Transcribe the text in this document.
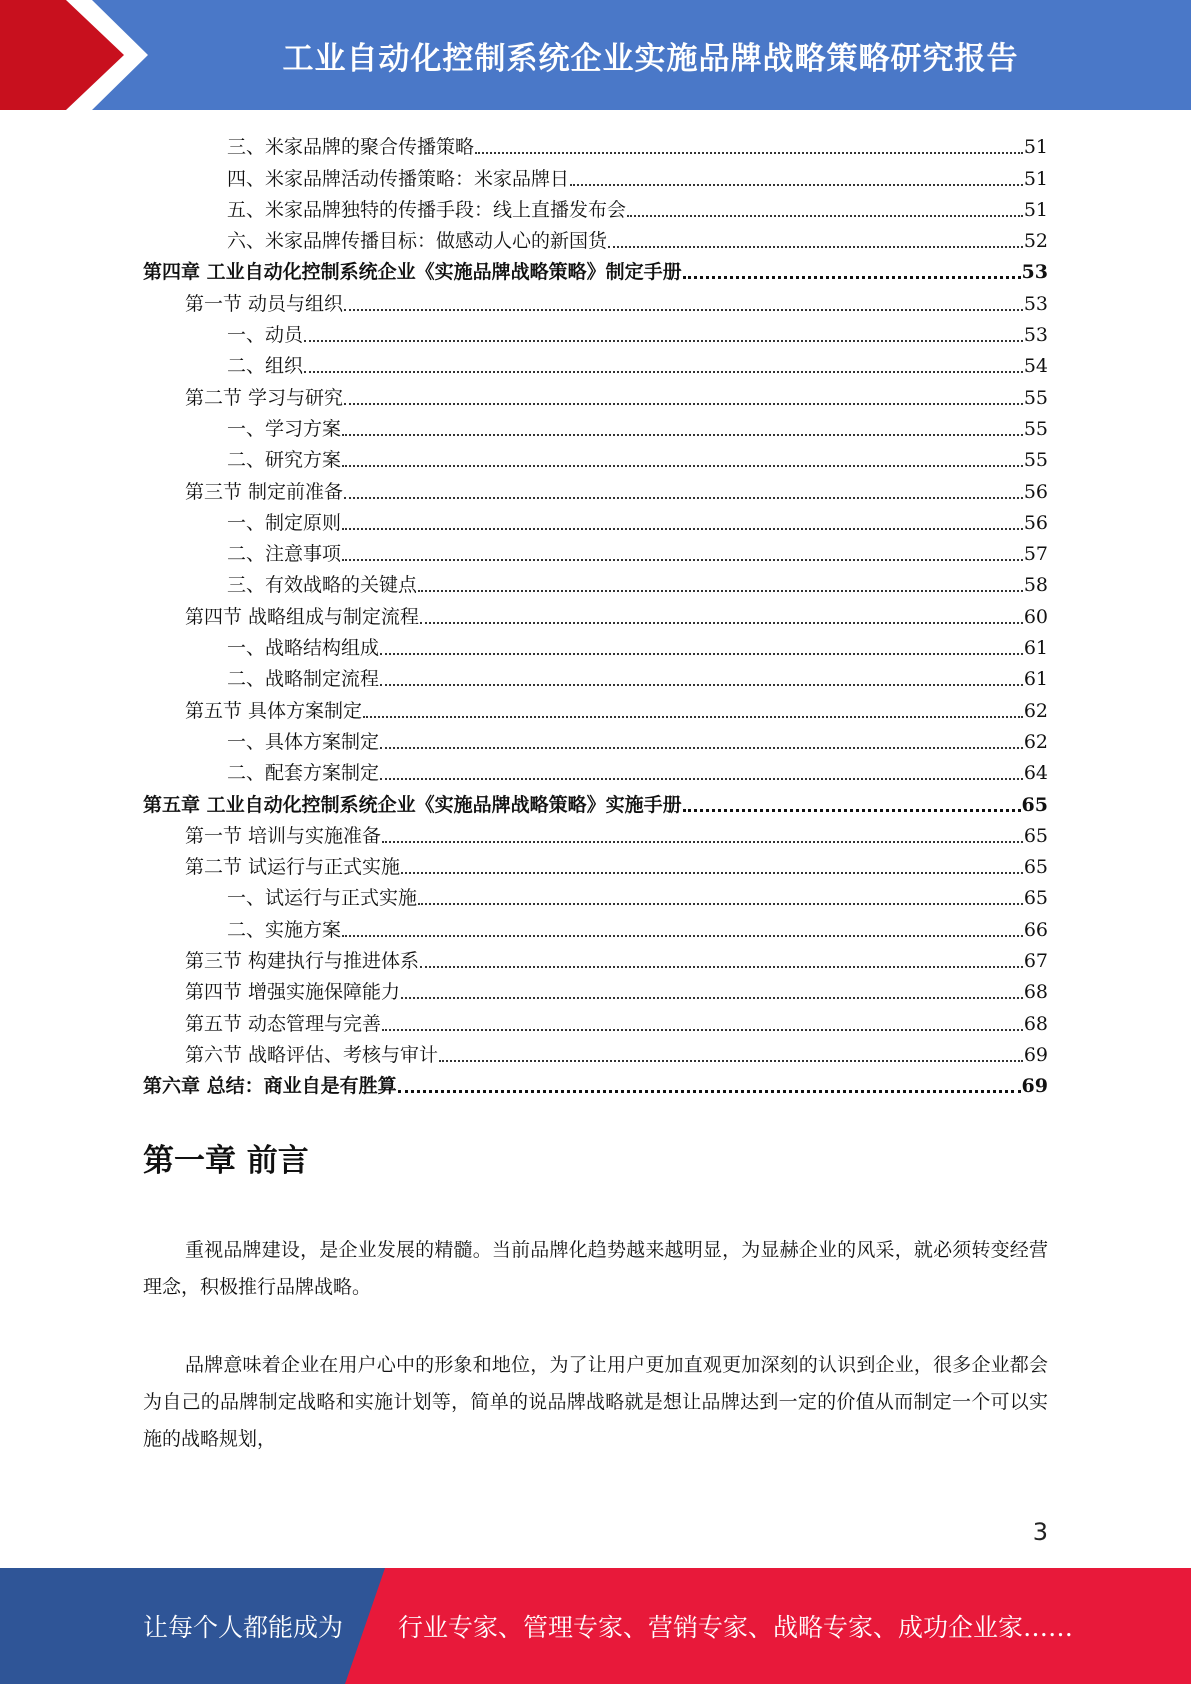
工业自动化控制系统企业实施品牌战略策略研究报告
三、米家品牌的聚合传播策略	51
四、米家品牌活动传播策略：米家品牌日	51
五、米家品牌独特的传播手段：线上直播发布会	51
六、米家品牌传播目标：做感动人心的新国货	52
第四章 工业自动化控制系统企业《实施品牌战略策略》制定手册	53
第一节 动员与组织	53
一、动员	53
二、组织	54
第二节 学习与研究	55
一、学习方案	55
二、研究方案	55
第三节 制定前准备	56
一、制定原则	56
二、注意事项	57
三、有效战略的关键点	58
第四节 战略组成与制定流程	60
一、战略结构组成	61
二、战略制定流程	61
第五节 具体方案制定	62
一、具体方案制定	62
二、配套方案制定	64
第五章 工业自动化控制系统企业《实施品牌战略策略》实施手册	65
第一节 培训与实施准备	65
第二节 试运行与正式实施	65
一、试运行与正式实施	65
二、实施方案	66
第三节 构建执行与推进体系	67
第四节 增强实施保障能力	68
第五节 动态管理与完善	68
第六节 战略评估、考核与审计	69
第六章 总结：商业自是有胜算	69
第一章 前言

重视品牌建设，是企业发展的精髓。当前品牌化趋势越来越明显，为显赫企业的风采，就必须转变经营理念，积极推行品牌战略。

品牌意味着企业在用户心中的形象和地位，为了让用户更加直观更加深刻的认识到企业，很多企业都会为自己的品牌制定战略和实施计划等，简单的说品牌战略就是想让品牌达到一定的价值从而制定一个可以实施的战略规划，

3
让每个人都能成为 行业专家、管理专家、营销专家、战略专家、成功企业家……
